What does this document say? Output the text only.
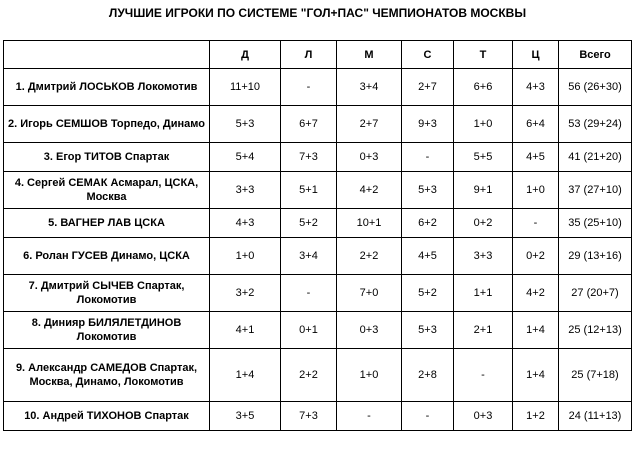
ЛУЧШИЕ ИГРОКИ ПО СИСТЕМЕ "ГОЛ+ПАС" ЧЕМПИОНАТОВ МОСКВЫ
	Д	Л	М	С	Т	Ц	Всего
1. Дмитрий ЛОСЬКОВ Локомотив	11+10	-	3+4	2+7	6+6	4+3	56 (26+30)
2. Игорь СЕМШОВ Торпедо, Динамо	5+3	6+7	2+7	9+3	1+0	6+4	53 (29+24)
3. Егор ТИТОВ Спартак	5+4	7+3	0+3	-	5+5	4+5	41 (21+20)
4. Сергей СЕМАК Асмарал, ЦСКА, Москва	3+3	5+1	4+2	5+3	9+1	1+0	37 (27+10)
5. ВАГНЕР ЛАВ ЦСКА	4+3	5+2	10+1	6+2	0+2	-	35 (25+10)
6. Ролан ГУСЕВ Динамо, ЦСКА	1+0	3+4	2+2	4+5	3+3	0+2	29 (13+16)
7. Дмитрий СЫЧЕВ Спартак, Локомотив	3+2	-	7+0	5+2	1+1	4+2	27 (20+7)
8. Динияр БИЛЯЛЕТДИНОВ Локомотив	4+1	0+1	0+3	5+3	2+1	1+4	25 (12+13)
9. Александр САМЕДОВ Спартак, Москва, Динамо, Локомотив	1+4	2+2	1+0	2+8	-	1+4	25 (7+18)
10. Андрей ТИХОНОВ Спартак	3+5	7+3	-	-	0+3	1+2	24 (11+13)
